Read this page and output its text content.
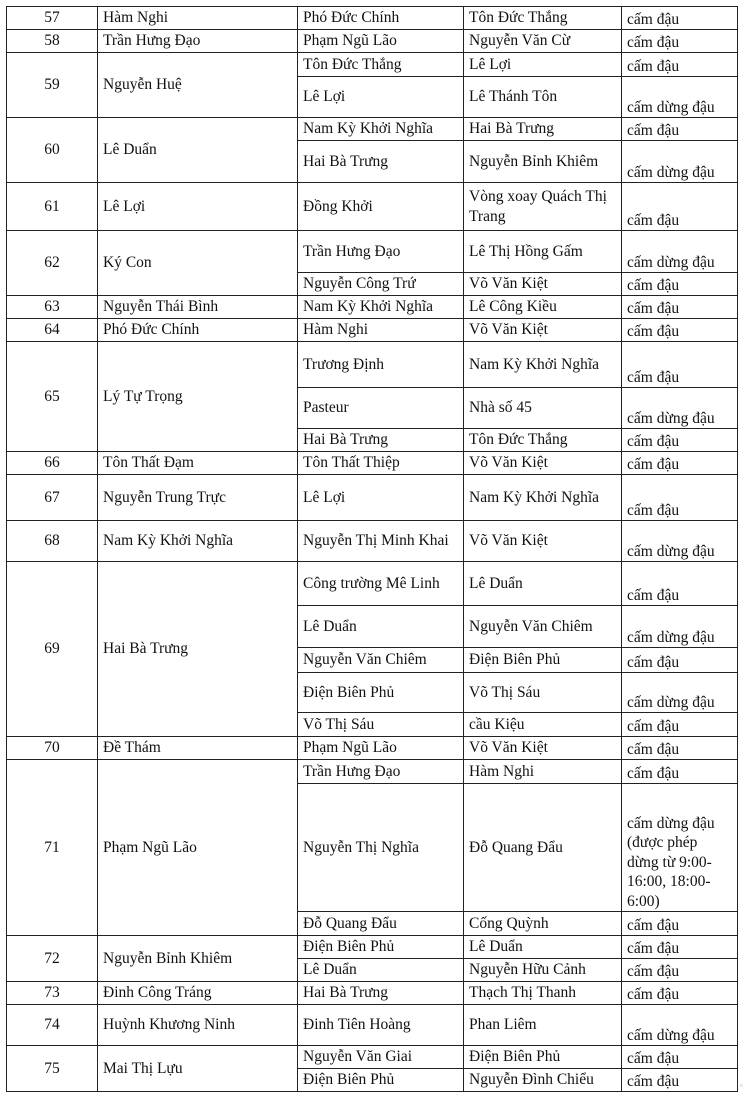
57	Hàm Nghi	Phó Đức Chính	Tôn Đức Thắng	cấm đậu
58	Trần Hưng Đạo	Phạm Ngũ Lão	Nguyễn Văn Cừ	cấm đậu
59	Nguyễn Huệ	Tôn Đức Thắng	Lê Lợi	cấm đậu
		Lê Lợi	Lê Thánh Tôn	cấm dừng đậu
60	Lê Duẩn	Nam Kỳ Khởi Nghĩa	Hai Bà Trưng	cấm đậu
		Hai Bà Trưng	Nguyễn Bỉnh Khiêm	cấm dừng đậu
61	Lê Lợi	Đồng Khởi	Vòng xoay Quách Thị Trang	cấm đậu
62	Ký Con	Trần Hưng Đạo	Lê Thị Hồng Gấm	cấm dừng đậu
		Nguyễn Công Trứ	Võ Văn Kiệt	cấm đậu
63	Nguyễn Thái Bình	Nam Kỳ Khởi Nghĩa	Lê Công Kiều	cấm đậu
64	Phó Đức Chính	Hàm Nghi	Võ Văn Kiệt	cấm đậu
65	Lý Tự Trọng	Trương Định	Nam Kỳ Khởi Nghĩa	cấm đậu
		Pasteur	Nhà số 45	cấm dừng đậu
		Hai Bà Trưng	Tôn Đức Thắng	cấm đậu
66	Tôn Thất Đạm	Tôn Thất Thiệp	Võ Văn Kiệt	cấm đậu
67	Nguyễn Trung Trực	Lê Lợi	Nam Kỳ Khởi Nghĩa	cấm đậu
68	Nam Kỳ Khởi Nghĩa	Nguyễn Thị Minh Khai	Võ Văn Kiệt	cấm dừng đậu
69	Hai Bà Trưng	Công trường Mê Linh	Lê Duẩn	cấm đậu
		Lê Duẩn	Nguyễn Văn Chiêm	cấm dừng đậu
		Nguyễn Văn Chiêm	Điện Biên Phủ	cấm đậu
		Điện Biên Phủ	Võ Thị Sáu	cấm dừng đậu
		Võ Thị Sáu	cầu Kiệu	cấm đậu
70	Đề Thám	Phạm Ngũ Lão	Võ Văn Kiệt	cấm đậu
71	Phạm Ngũ Lão	Trần Hưng Đạo	Hàm Nghi	cấm đậu
		Nguyễn Thị Nghĩa	Đỗ Quang Đẩu	cấm dừng đậu (được phép dừng từ 9:00-16:00, 18:00-6:00)
		Đỗ Quang Đẩu	Cống Quỳnh	cấm đậu
72	Nguyễn Bỉnh Khiêm	Điện Biên Phủ	Lê Duẩn	cấm đậu
		Lê Duẩn	Nguyễn Hữu Cảnh	cấm đậu
73	Đinh Công Tráng	Hai Bà Trưng	Thạch Thị Thanh	cấm đậu
74	Huỳnh Khương Ninh	Đinh Tiên Hoàng	Phan Liêm	cấm dừng đậu
75	Mai Thị Lựu	Nguyễn Văn Giai	Điện Biên Phủ	cấm đậu
		Điện Biên Phủ	Nguyễn Đình Chiểu	cấm đậu	◦
